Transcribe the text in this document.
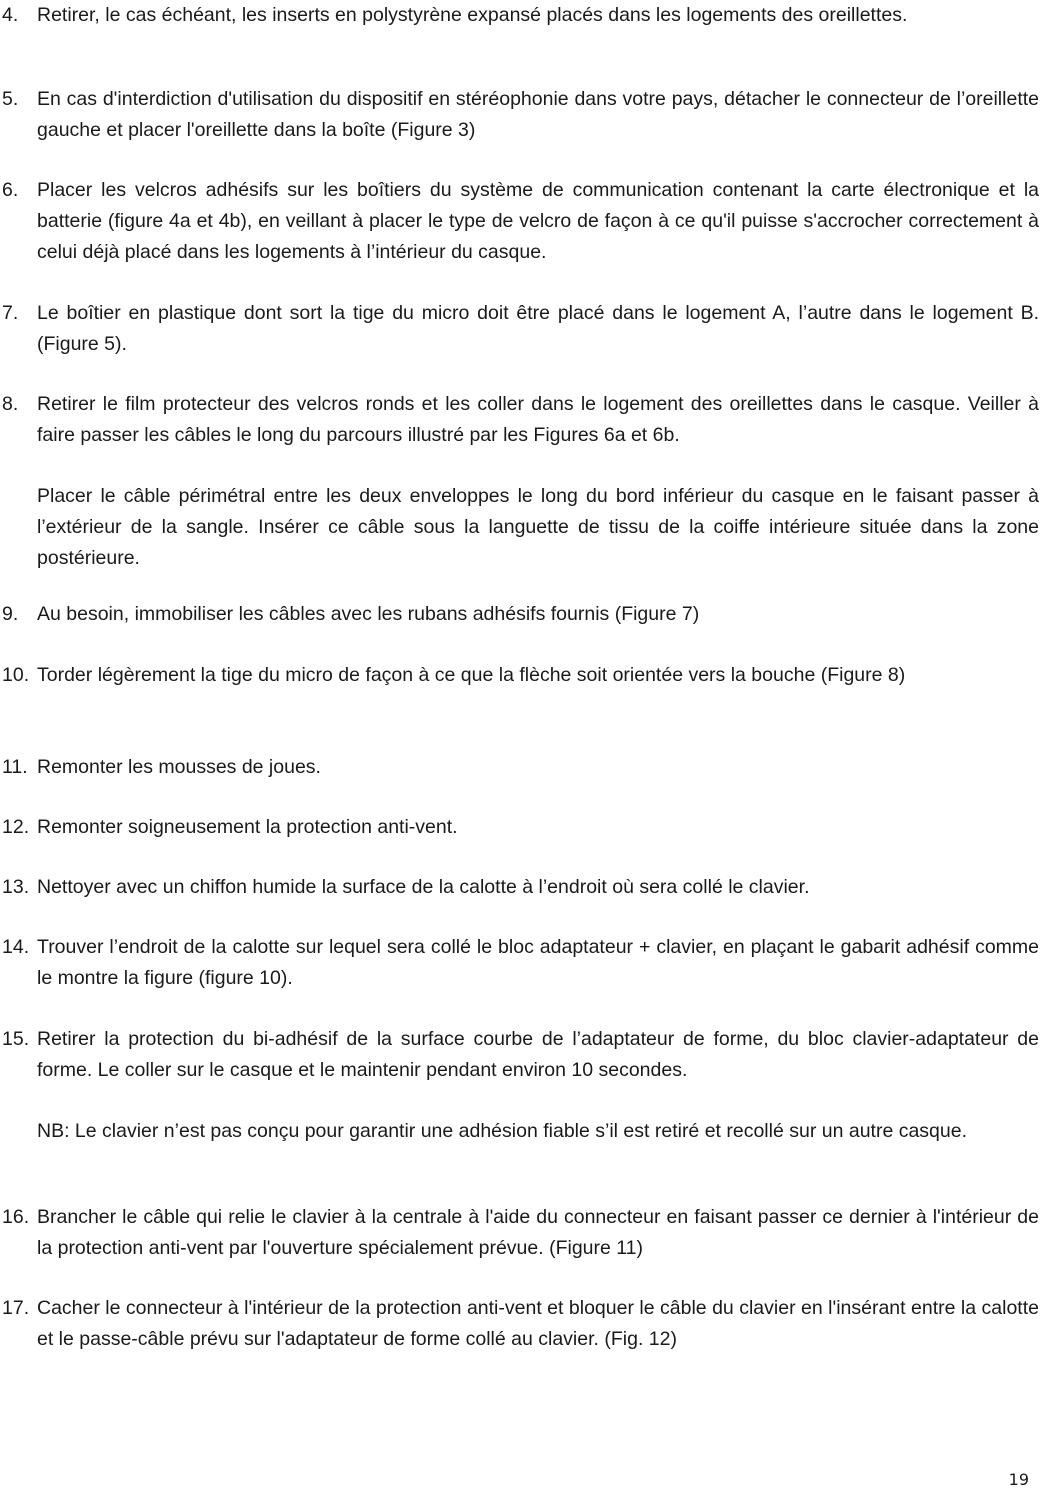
4. Retirer, le cas échéant, les inserts en polystyrène expansé placés dans les logements des oreillettes.
5. En cas d'interdiction d'utilisation du dispositif en stéréophonie dans votre pays, détacher le connecteur de l’oreillette gauche et placer l'oreillette dans la boîte (Figure 3)
6. Placer les velcros adhésifs sur les boîtiers du système de communication contenant la carte électronique et la batterie (figure 4a et 4b), en veillant à placer le type de velcro de façon à ce qu'il puisse s'accrocher correctement à celui déjà placé dans les logements à l’intérieur du casque.
7. Le boîtier en plastique dont sort la tige du micro doit être placé dans le logement A, l’autre dans le logement B. (Figure 5).
8. Retirer le film protecteur des velcros ronds et les coller dans le logement des oreillettes dans le casque. Veiller à faire passer les câbles le long du parcours illustré par les Figures 6a et 6b.
Placer le câble périmétral entre les deux enveloppes le long du bord inférieur du casque en le faisant passer à l’extérieur de la sangle. Insérer ce câble sous la languette de tissu de la coiffe intérieure située dans la zone postérieure.
9. Au besoin, immobiliser les câbles avec les rubans adhésifs fournis (Figure 7)
10. Torder légèrement la tige du micro de façon à ce que la flèche soit orientée vers la bouche (Figure 8)
11. Remonter les mousses de joues.
12. Remonter soigneusement la protection anti-vent.
13. Nettoyer avec un chiffon humide la surface de la calotte à l’endroit où sera collé le clavier.
14. Trouver l’endroit de la calotte sur lequel sera collé le bloc adaptateur + clavier, en plaçant le gabarit adhésif comme le montre la figure (figure 10).
15. Retirer la protection du bi-adhésif de la surface courbe de l’adaptateur de forme, du bloc clavier-adaptateur de forme. Le coller sur le casque et le maintenir pendant environ 10 secondes.
NB: Le clavier n’est pas conçu pour garantir une adhésion fiable s’il est retiré et recollé sur un autre casque.
16. Brancher le câble qui relie le clavier à la centrale à l'aide du connecteur en faisant passer ce dernier à l'intérieur de la protection anti-vent par l'ouverture spécialement prévue. (Figure 11)
17. Cacher le connecteur à l'intérieur de la protection anti-vent et bloquer le câble du clavier en l'insérant entre la calotte et le passe-câble prévu sur l'adaptateur de forme collé au clavier. (Fig. 12)
19
